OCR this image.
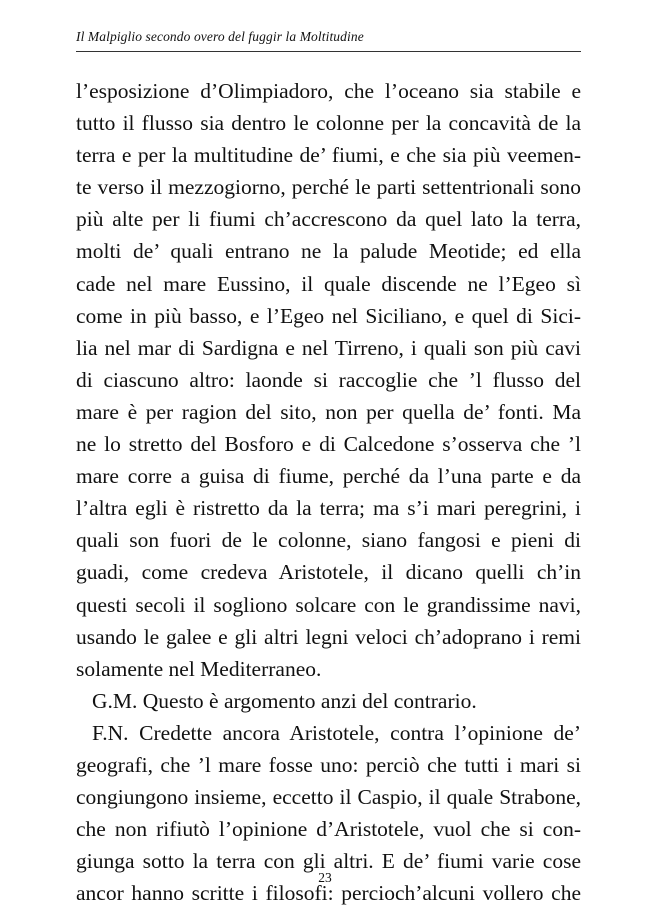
Il Malpiglio secondo overo del fuggir la Moltitudine
l’esposizione d’Olimpiadoro, che l’oceano sia stabile e
tutto il flusso sia dentro le colonne per la concavità de la
terra e per la multitudine de’ fiumi, e che sia più veemen-
te verso il mezzogiorno, perché le parti settentrionali sono
più alte per li fiumi ch’accrescono da quel lato la terra,
molti de’ quali entrano ne la palude Meotide; ed ella
cade nel mare Eussino, il quale discende ne l’Egeo sì
come in più basso, e l’Egeo nel Siciliano, e quel di Sici-
lia nel mar di Sardigna e nel Tirreno, i quali son più cavi
di ciascuno altro: laonde si raccoglie che ’l flusso del
mare è per ragion del sito, non per quella de’ fonti. Ma
ne lo stretto del Bosforo e di Calcedone s’osserva che ’l
mare corre a guisa di fiume, perché da l’una parte e da
l’altra egli è ristretto da la terra; ma s’i mari peregrini, i
quali son fuori de le colonne, siano fangosi e pieni di
guadi, come credeva Aristotele, il dicano quelli ch’in
questi secoli il sogliono solcare con le grandissime navi,
usando le galee e gli altri legni veloci ch’adoprano i remi
solamente nel Mediterraneo.
G.M. Questo è argomento anzi del contrario.
F.N. Credette ancora Aristotele, contra l’opinione de’
geografi, che ’l mare fosse uno: perciò che tutti i mari si
congiungono insieme, eccetto il Caspio, il quale Strabone,
che non rifiutò l’opinione d’Aristotele, vuol che si con-
giunga sotto la terra con gli altri. E de’ fiumi varie cose
ancor hanno scritte i filosofi: percioch’alcuni vollero che
23
